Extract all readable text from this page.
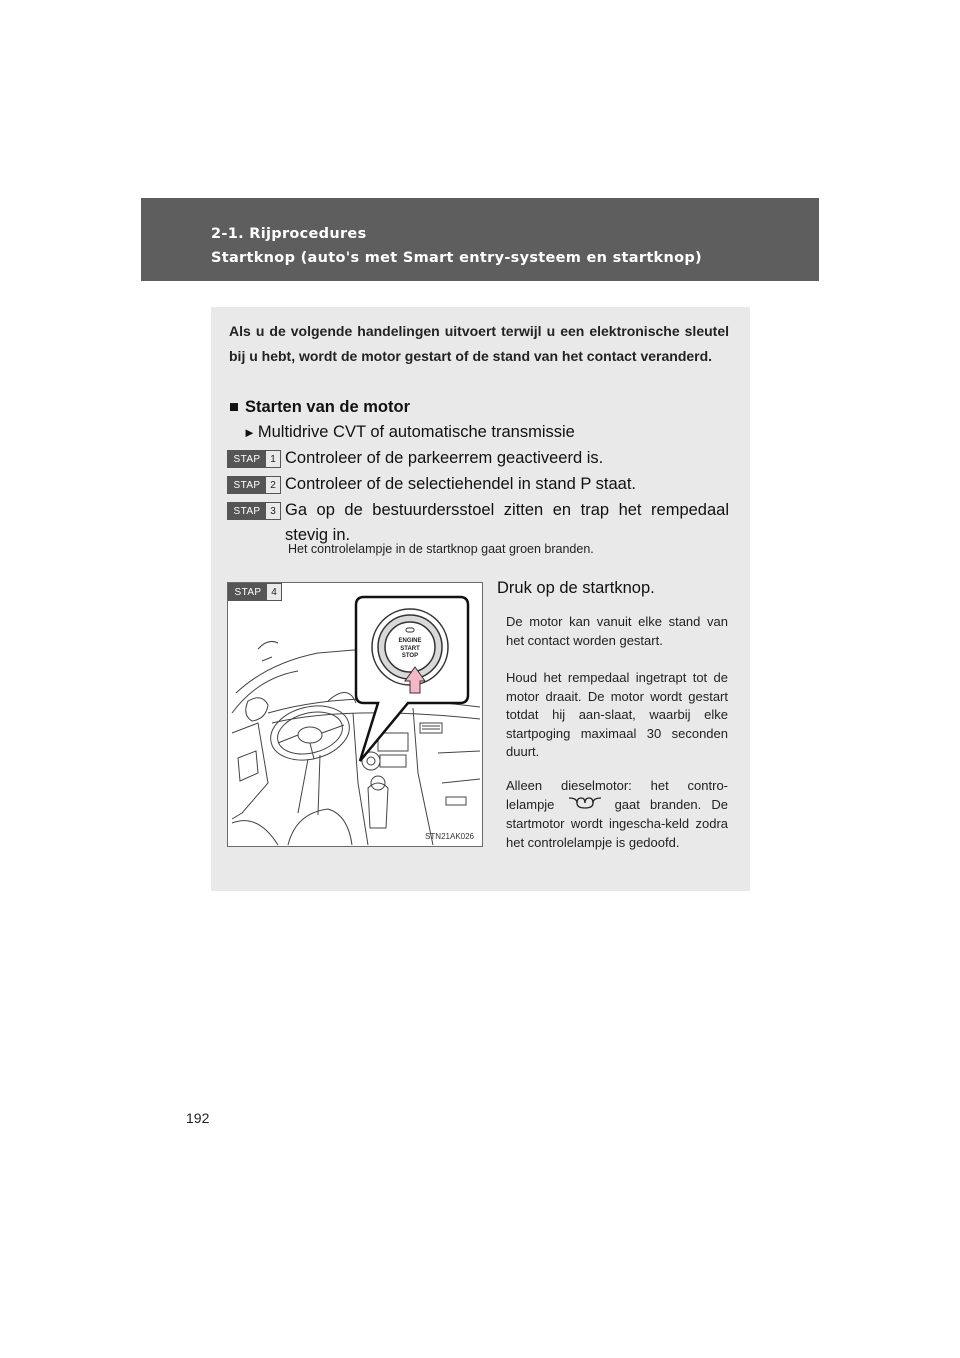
2-1. Rijprocedures
Startknop (auto's met Smart entry-systeem en startknop)
Als u de volgende handelingen uitvoert terwijl u een elektronische sleutel bij u hebt, wordt de motor gestart of de stand van het contact veranderd.
■ Starten van de motor
► Multidrive CVT of automatische transmissie
STAP 1 Controleer of de parkeerrem geactiveerd is.
STAP 2 Controleer of de selectiehendel in stand P staat.
STAP 3 Ga op de bestuurdersstoel zitten en trap het rempedaal stevig in.
Het controlelampje in de startknop gaat groen branden.
STAP 4
ENGINE
START
STOP
STN21AK026
Druk op de startknop.
De motor kan vanuit elke stand van het contact worden gestart.
Houd het rempedaal ingetrapt tot de motor draait. De motor wordt gestart totdat hij aan-slaat, waarbij elke startpoging maximaal 30 seconden duurt.
Alleen dieselmotor: het contro-lelampje	gaat branden. De startmotor wordt ingescha-keld zodra het controlelampje is gedoofd.
192
